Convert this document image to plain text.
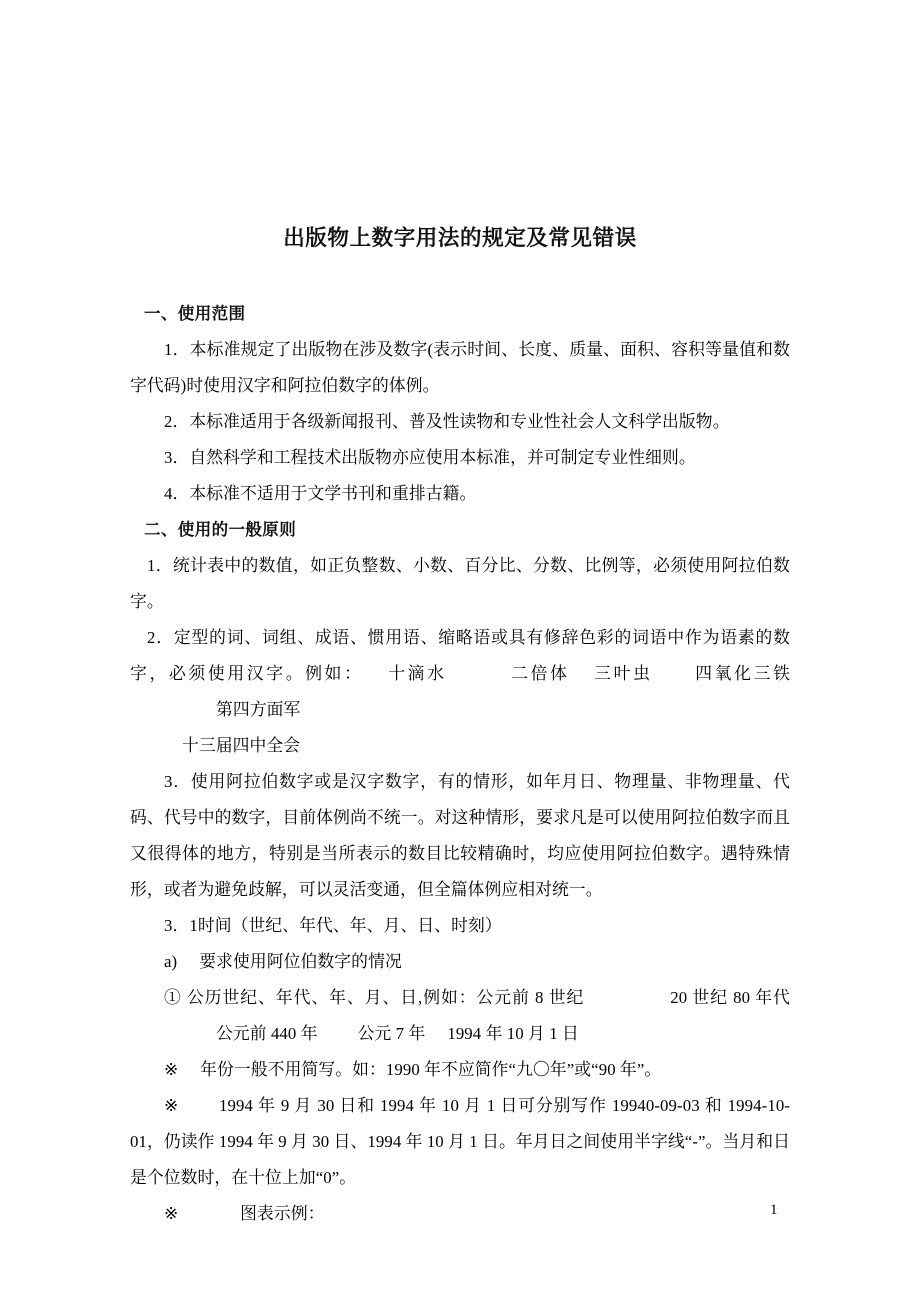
出版物上数字用法的规定及常见错误
一、使用范围

1．本标准规定了出版物在涉及数字(表示时间、长度、质量、面积、容积等量值和数字代码)时使用汉字和阿拉伯数字的体例。

2．本标准适用于各级新闻报刊、普及性读物和专业性社会人文科学出版物。

3．自然科学和工程技术出版物亦应使用本标准，并可制定专业性细则。

4．本标准不适用于文学书刊和重排古籍。

二、使用的一般原则

1．统计表中的数值，如正负整数、小数、百分比、分数、比例等，必须使用阿拉伯数字。

2．定型的词、词组、成语、惯用语、缩略语或具有修辞色彩的词语中作为语素的数字，必须使用汉字。例如： 十滴水	二倍体 三叶虫 四氧化三铁第四方面军

十三届四中全会

3．使用阿拉伯数字或是汉字数字，有的情形，如年月日、物理量、非物理量、代码、代号中的数字，目前体例尚不统一。对这种情形，要求凡是可以使用阿拉伯数字而且又很得体的地方，特别是当所表示的数目比较精确时，均应使用阿拉伯数字。遇特殊情形，或者为避免歧解，可以灵活变通，但全篇体例应相对统一。

3．1时间（世纪、年代、年、月、日、时刻）

a) 要求使用阿位伯数字的情况

① 公历世纪、年代、年、月、日,例如：公元前 8 世纪	20 世纪 80 年代公元前 440 年 公元 7 年 1994 年 10 月 1 日

※ 年份一般不用简写。如：1990 年不应简作“九〇年”或“90 年”。

※ 1994 年 9 月 30 日和 1994 年 10 月 1 日可分别写作 19940-09-03 和 1994-10-01，仍读作 1994 年 9 月 30 日、1994 年 10 月 1 日。年月日之间使用半字线“-”。当月和日是个位数时，在十位上加“0”。

※	图表示例：	1
